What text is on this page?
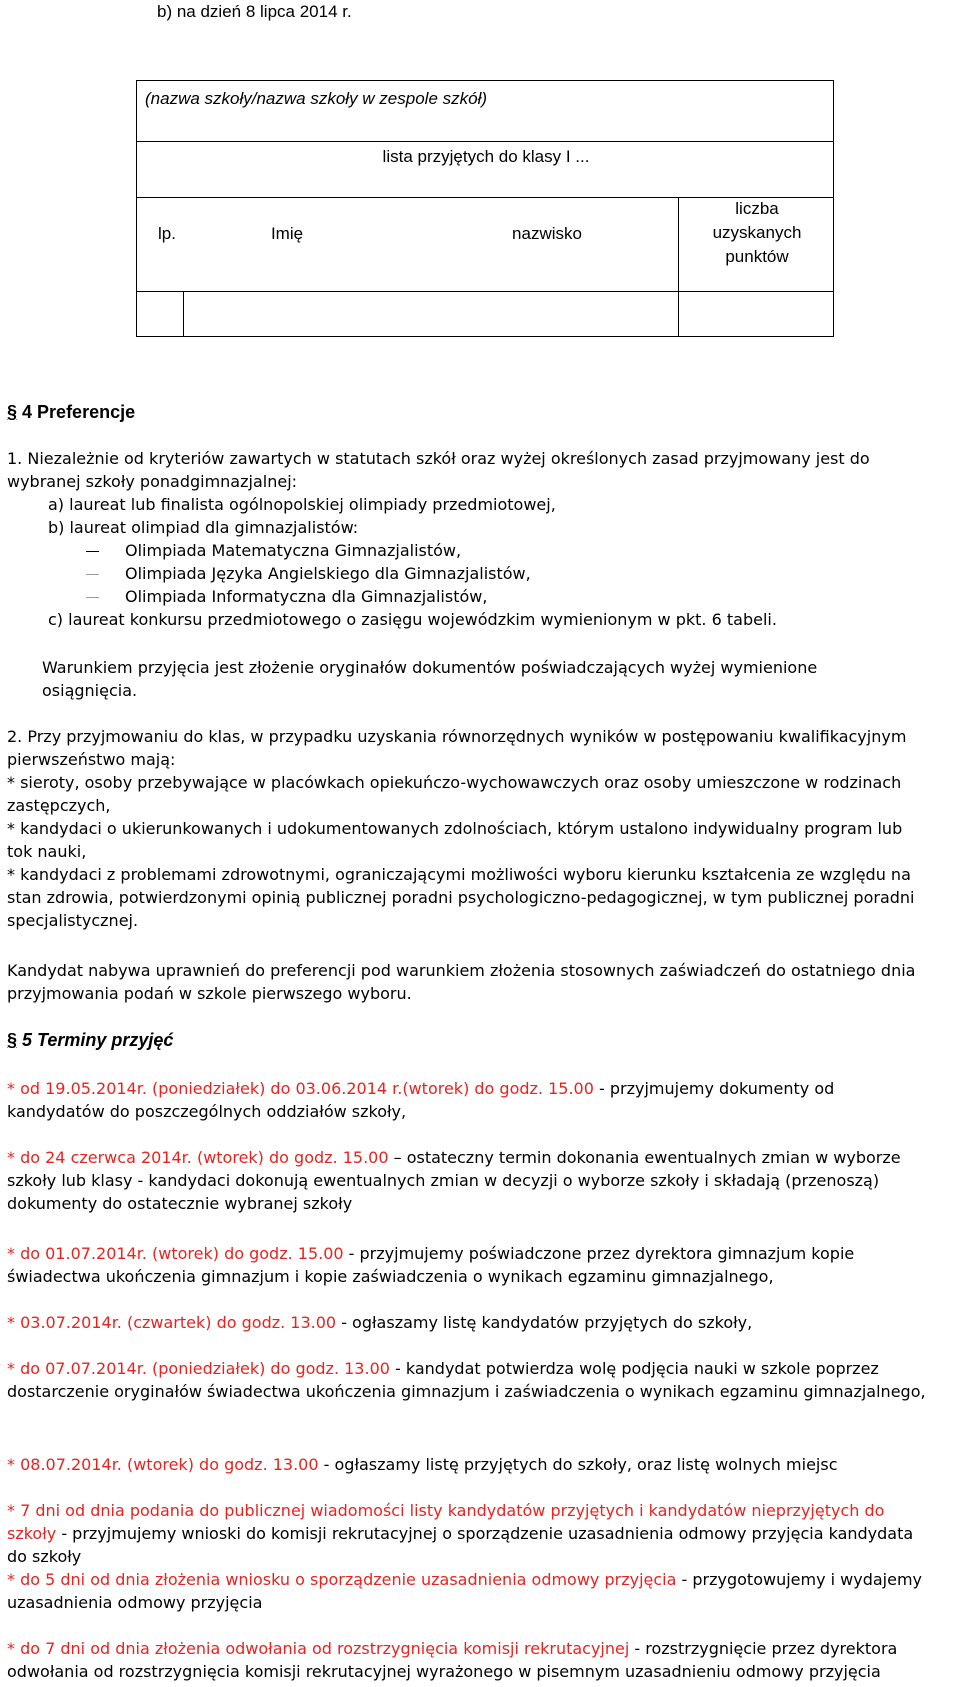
b) na dzień 8 lipca 2014 r.
(nazwa szkoły/nazwa szkoły w zespole szkół)
lista przyjętych do klasy I ...
lp.	Imię	nazwisko
liczba uzyskanych punktów
§ 4 Preferencje

1. Niezależnie od kryteriów zawartych w statutach szkół oraz wyżej określonych zasad przyjmowany jest do wybranej szkoły ponadgimnazjalnej:

a) laureat lub finalista ogólnopolskiej olimpiady przedmiotowej,
b) laureat olimpiad dla gimnazjalistów:
Olimpiada Matematyczna Gimnazjalistów,
Olimpiada Języka Angielskiego dla Gimnazjalistów,
Olimpiada Informatyczna dla Gimnazjalistów,
c) laureat konkursu przedmiotowego o zasięgu wojewódzkim wymienionym w pkt. 6 tabeli.

Warunkiem przyjęcia jest złożenie oryginałów dokumentów poświadczających wyżej wymienione osiągnięcia.

2. Przy przyjmowaniu do klas, w przypadku uzyskania równorzędnych wyników w postępowaniu kwalifikacyjnym pierwszeństwo mają:

* sieroty, osoby przebywające w placówkach opiekuńczo-wychowawczych oraz osoby umieszczone w rodzinach zastępczych,

* kandydaci o ukierunkowanych i udokumentowanych zdolnościach, którym ustalono indywidualny program lub tok nauki,

* kandydaci z problemami zdrowotnymi, ograniczającymi możliwości wyboru kierunku kształcenia ze względu na stan zdrowia, potwierdzonymi opinią publicznej poradni psychologiczno-pedagogicznej, w tym publicznej poradni specjalistycznej.

Kandydat nabywa uprawnień do preferencji pod warunkiem złożenia stosownych zaświadczeń do ostatniego dnia przyjmowania podań w szkole pierwszego wyboru.

§ 5 Terminy przyjęć

* od 19.05.2014r. (poniedziałek) do 03.06.2014 r.(wtorek) do godz. 15.00 - przyjmujemy dokumenty od kandydatów do poszczególnych oddziałów szkoły,

* do 24 czerwca 2014r. (wtorek) do godz. 15.00 – ostateczny termin dokonania ewentualnych zmian w wyborze szkoły lub klasy - kandydaci dokonują ewentualnych zmian w decyzji o wyborze szkoły i składają (przenoszą) dokumenty do ostatecznie wybranej szkoły

* do 01.07.2014r. (wtorek) do godz. 15.00 - przyjmujemy poświadczone przez dyrektora gimnazjum kopie świadectwa ukończenia gimnazjum i kopie zaświadczenia o wynikach egzaminu gimnazjalnego,

* 03.07.2014r. (czwartek) do godz. 13.00 - ogłaszamy listę kandydatów przyjętych do szkoły,

* do 07.07.2014r. (poniedziałek) do godz. 13.00 - kandydat potwierdza wolę podjęcia nauki w szkole poprzez dostarczenie oryginałów świadectwa ukończenia gimnazjum i zaświadczenia o wynikach egzaminu gimnazjalnego,

* 08.07.2014r. (wtorek) do godz. 13.00 - ogłaszamy listę przyjętych do szkoły, oraz listę wolnych miejsc

* 7 dni od dnia podania do publicznej wiadomości listy kandydatów przyjętych i kandydatów nieprzyjętych do szkoły - przyjmujemy wnioski do komisji rekrutacyjnej o sporządzenie uzasadnienia odmowy przyjęcia kandydata do szkoły

* do 5 dni od dnia złożenia wniosku o sporządzenie uzasadnienia odmowy przyjęcia - przygotowujemy i wydajemy uzasadnienia odmowy przyjęcia

* do 7 dni od dnia złożenia odwołania od rozstrzygnięcia komisji rekrutacyjnej - rozstrzygnięcie przez dyrektora odwołania od rozstrzygnięcia komisji rekrutacyjnej wyrażonego w pisemnym uzasadnieniu odmowy przyjęcia
